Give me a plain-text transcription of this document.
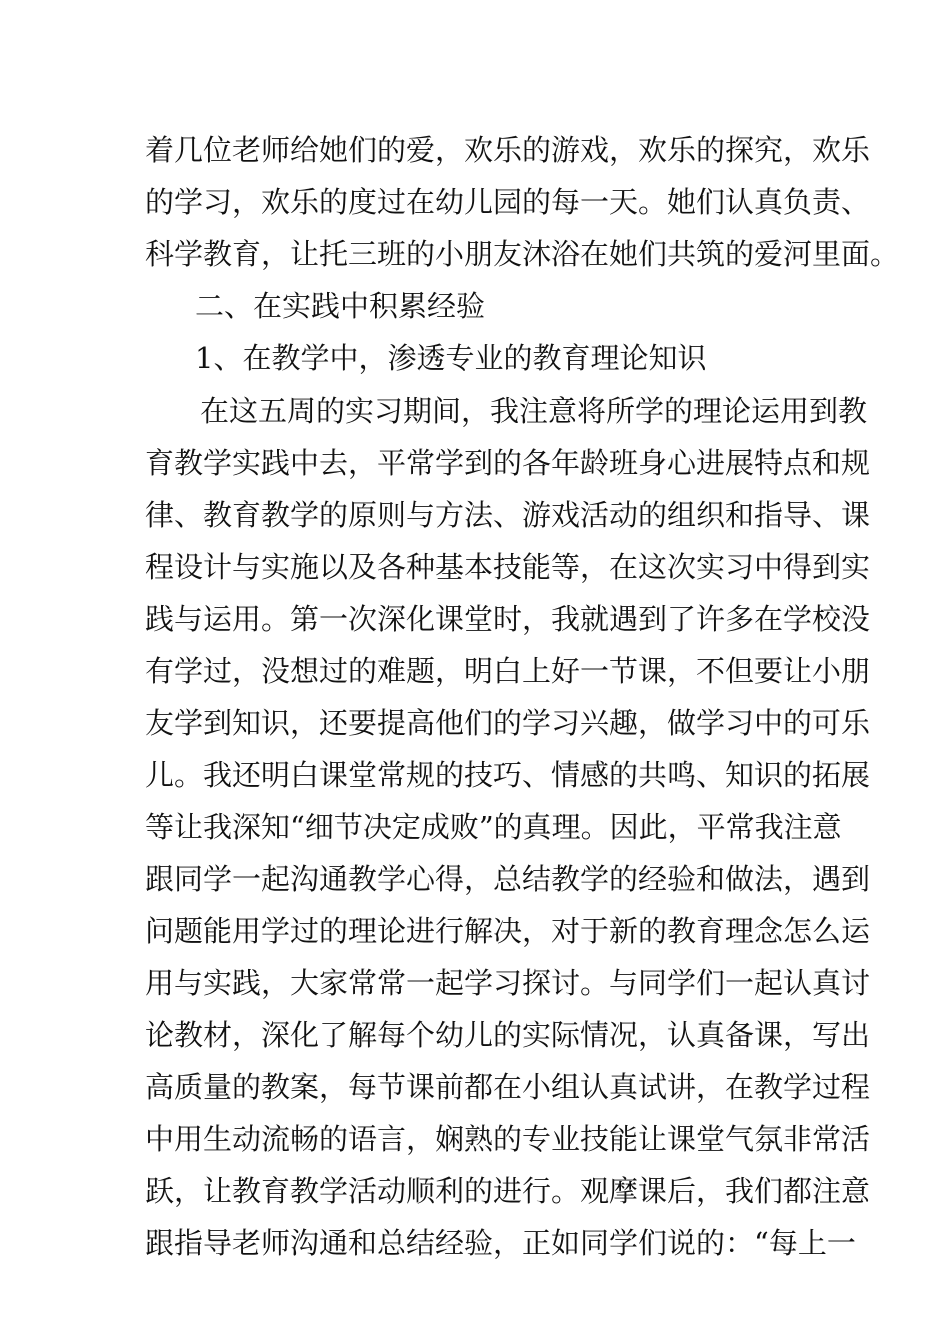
着几位老师给她们的爱，欢乐的游戏，欢乐的探究，欢乐
的学习，欢乐的度过在幼儿园的每一天。她们认真负责、
科学教育，让托三班的小朋友沐浴在她们共筑的爱河里面。
二、在实践中积累经验
1、在教学中，渗透专业的教育理论知识
在这五周的实习期间，我注意将所学的理论运用到教
育教学实践中去，平常学到的各年龄班身心进展特点和规
律、教育教学的原则与方法、游戏活动的组织和指导、课
程设计与实施以及各种基本技能等，在这次实习中得到实
践与运用。第一次深化课堂时，我就遇到了许多在学校没
有学过，没想过的难题，明白上好一节课，不但要让小朋
友学到知识，还要提高他们的学习兴趣，做学习中的可乐
儿。我还明白课堂常规的技巧、情感的共鸣、知识的拓展
等让我深知“细节决定成败”的真理。因此，平常我注意
跟同学一起沟通教学心得，总结教学的经验和做法，遇到
问题能用学过的理论进行解决，对于新的教育理念怎么运
用与实践，大家常常一起学习探讨。与同学们一起认真讨
论教材，深化了解每个幼儿的实际情况，认真备课，写出
高质量的教案，每节课前都在小组认真试讲，在教学过程
中用生动流畅的语言，娴熟的专业技能让课堂气氛非常活
跃，让教育教学活动顺利的进行。观摩课后，我们都注意
跟指导老师沟通和总结经验，正如同学们说的：“每上一
